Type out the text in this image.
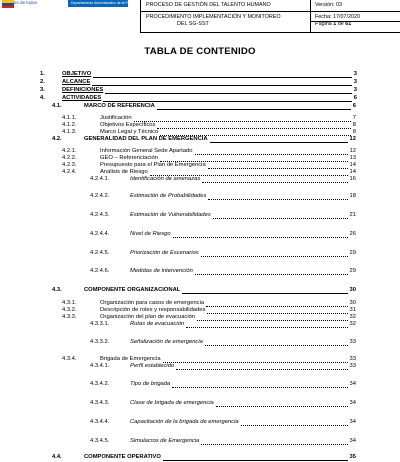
es de todos	Departamento Administrativo de la Función Pública
PROCESO DE GESTIÓN DEL TALENTO HUMANO
PROCEDIMIENTO IMPLEMENTACIÓN Y MONITOREO
DEL SG-SST
Versión: 03
Fecha: 17/07/2020
Página 1 de 61
TABLA DE CONTENIDO
1.	OBJETIVO	3
2.	ALCANCE	3
3.	DEFINICIONES	3
4.	ACTIVIDADES	6
4.1.	MARCO DE REFERENCIA	6
4.1.1.	Justificación	7
4.1.2.	Objetivos Específicos	8
4.1.3.	Marco Legal y Técnico	8
4.2.	GENERALIDAD DEL PLAN DE EMERGENCIA	12
4.2.1.	Información General Sede Apartado	12
4.2.2.	GEO – Referenciación	13
4.2.3.	Presupuesto para el Plan de Emergencia	14
4.2.4.	Análisis de Riesgo	14
4.2.4.1.	Identificación de amenazas	16
4.2.4.2.	Estimación de Probabilidades	18
4.2.4.3.	Estimación de Vulnerabilidades	21
4.2.4.4.	Nivel de Riesgo	26
4.2.4.5.	Priorización de Escenarios	29
4.2.4.6.	Medidas de intervención	29
4.3.	COMPONENTE ORGANIZACIONAL	30
4.3.1.	Organización para casos de emergencia	30
4.3.2.	Descripción de roles y responsabilidades	31
4.3.3.	Organización del plan de evacuación	32
4.3.3.1.	Rutas de evacuación	32
4.3.3.2.	Señalización de emergencia	33
4.3.4.	Brigada de Emergencia	33
4.3.4.1.	Perfil establecido	33
4.3.4.2.	Tipo de brigada	34
4.3.4.3.	Clase de brigada de emergencia	34
4.3.4.4.	Capacitación de la brigada de emergencia	34
4.3.4.5.	Simulacros de Emergencia	34
4.4.	COMPONENTE OPERATIVO	35
